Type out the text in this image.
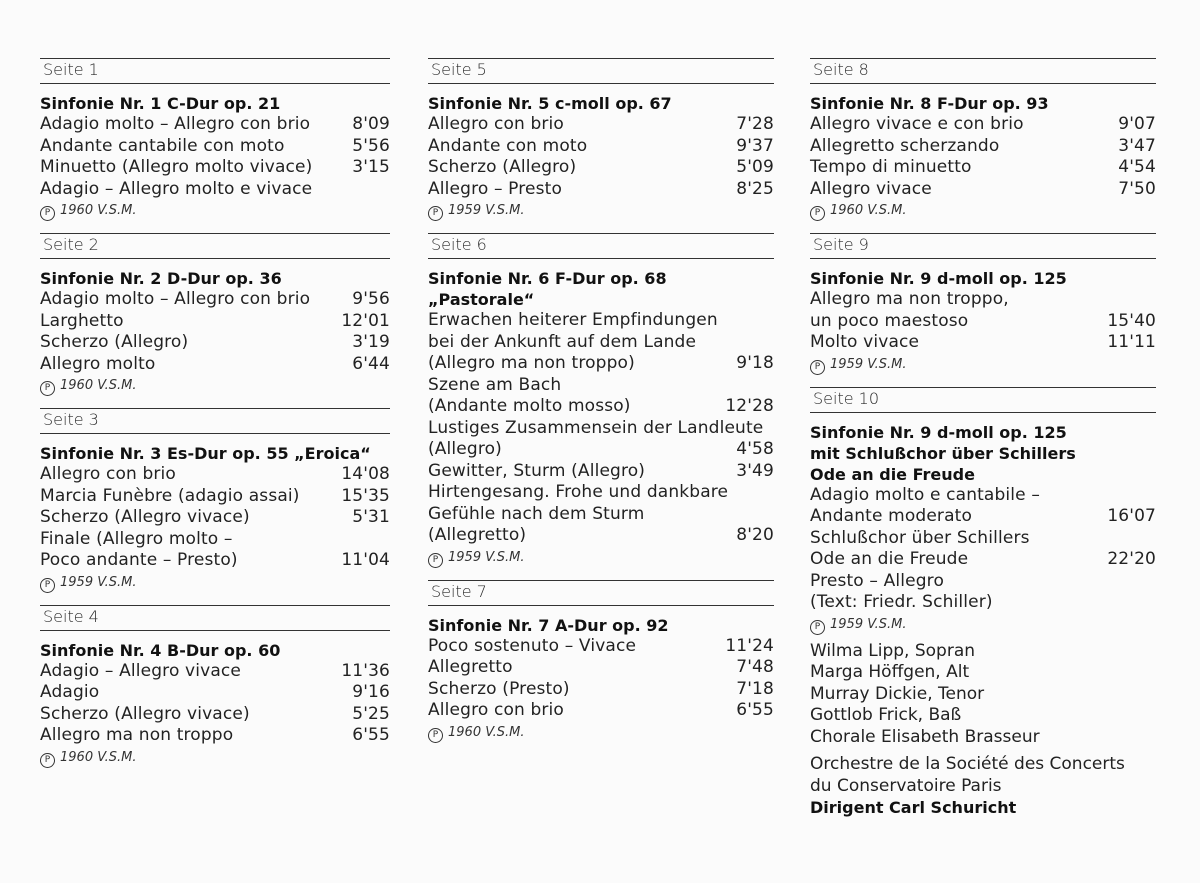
Seite 1
Sinfonie Nr. 1 C-Dur op. 21
Adagio molto – Allegro con brio 8'09
Andante cantabile con moto	5'56
Minuetto (Allegro molto vivace) 3'15
Adagio – Allegro molto e vivace
P 1960 V.S.M.
Seite 2
Sinfonie Nr. 2 D-Dur op. 36
Adagio molto – Allegro con brio 9'56
Larghetto	12'01
Scherzo (Allegro)	3'19
Allegro molto	6'44
P 1960 V.S.M.
Seite 3
Sinfonie Nr. 3 Es-Dur op. 55 „Eroica“
Allegro con brio	14'08
Marcia Funèbre (adagio assai) 15'35
Scherzo (Allegro vivace)	5'31
Finale (Allegro molto –
Poco andante – Presto)	11'04
P 1959 V.S.M.
Seite 4
Sinfonie Nr. 4 B-Dur op. 60
Adagio – Allegro vivace	11'36
Adagio	9'16
Scherzo (Allegro vivace)	5'25
Allegro ma non troppo	6'55
P 1960 V.S.M.
Seite 5
Sinfonie Nr. 5 c-moll op. 67
Allegro con brio	7'28
Andante con moto	9'37
Scherzo (Allegro)	5'09
Allegro – Presto	8'25
P 1959 V.S.M.
Seite 6
Sinfonie Nr. 6 F-Dur op. 68 „Pastorale“
Erwachen heiterer Empfindungen
bei der Ankunft auf dem Lande
(Allegro ma non troppo)	9'18
Szene am Bach
(Andante molto mosso)	12'28
Lustiges Zusammensein der Landleute
(Allegro)	4'58
Gewitter, Sturm (Allegro)	3'49
Hirtengesang. Frohe und dankbare
Gefühle nach dem Sturm
(Allegretto)	8'20
P 1959 V.S.M.
Seite 7
Sinfonie Nr. 7 A-Dur op. 92
Poco sostenuto – Vivace	11'24
Allegretto	7'48
Scherzo (Presto)	7'18
Allegro con brio	6'55
P 1960 V.S.M.
Seite 8
Sinfonie Nr. 8 F-Dur op. 93
Allegro vivace e con brio	9'07
Allegretto scherzando	3'47
Tempo di minuetto	4'54
Allegro vivace	7'50
P 1960 V.S.M.
Seite 9
Sinfonie Nr. 9 d-moll op. 125
Allegro ma non troppo,
un poco maestoso	15'40
Molto vivace	11'11
P 1959 V.S.M.
Seite 10
Sinfonie Nr. 9 d-moll op. 125
mit Schlußchor über Schillers
Ode an die Freude
Adagio molto e cantabile –
Andante moderato	16'07
Schlußchor über Schillers
Ode an die Freude	22'20
Presto – Allegro
(Text: Friedr. Schiller)
P 1959 V.S.M.
Wilma Lipp, Sopran
Marga Höffgen, Alt
Murray Dickie, Tenor
Gottlob Frick, Baß
Chorale Elisabeth Brasseur
Orchestre de la Société des Concerts
du Conservatoire Paris
Dirigent Carl Schuricht
